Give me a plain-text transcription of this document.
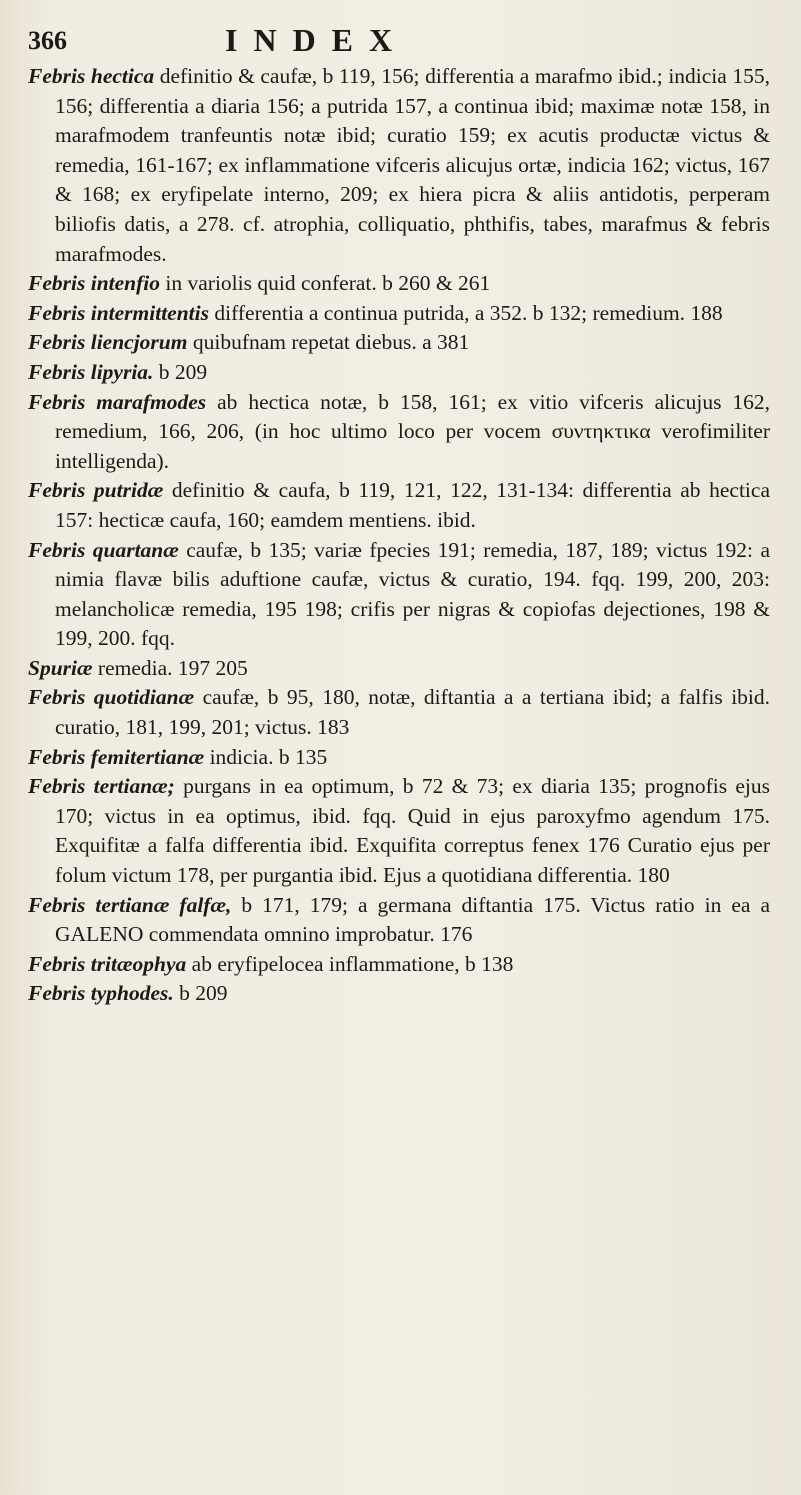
366	INDEX

Febris hectica definitio & caufæ, b 119, 156; differentia a marafmo ibid.; indicia 155, 156; differentia a diaria 156; a putrida 157, a continua ibid; maximæ notæ 158, in marafmodem tranfeuntis notæ ibid; curatio 159; ex acutis productæ victus & remedia, 161-167; ex inflammatione vifceris alicujus ortæ, indicia 162; victus, 167 & 168; ex eryfipelate interno, 209; ex hiera picra & aliis antidotis, perperam biliofis datis, a 278. cf. atrophia, colliquatio, phthifis, tabes, marafmus & febris marafmodes.

Febris intenfio in variolis quid conferat. b 260 & 261

Febris intermittentis differentia a continua putrida, a 352. b 132; remedium. 188

Febris liencjorum quibufnam repetat diebus. a 381

Febris lipyria. b 209

Febris marafmodes ab hectica notæ, b 158, 161; ex vitio vifceris alicujus 162, remedium, 166, 206, (in hoc ultimo loco per vocem συντηκτικα verofimiliter intelligenda).

Febris putridæ definitio & caufa, b 119, 121, 122, 131-134: differentia ab hectica 157: hecticæ caufa, 160; eamdem mentiens. ibid.

Febris quartanæ caufæ, b 135; variæ fpecies 191; remedia, 187, 189; victus 192: a nimia flavæ bilis aduftione caufæ, victus & curatio, 194. fqq. 199, 200, 203: melancholicæ remedia, 195 198; crifis per nigras & copiofas dejectiones, 198 & 199, 200. fqq.

Spuriæ remedia. 197 205

Febris quotidianæ caufæ, b 95, 180, notæ, diftantia a a tertiana ibid; a falfis ibid. curatio, 181, 199, 201; victus. 183

Febris femitertianæ indicia. b 135

Febris tertianæ; purgans in ea optimum, b 72 & 73; ex diaria 135; prognofis ejus 170; victus in ea optimus, ibid. fqq. Quid in ejus paroxyfmo agendum 175. Exquifitæ a falfa differentia ibid. Exquifita correptus fenex 176 Curatio ejus per folum victum 178, per purgantia ibid. Ejus a quotidiana differentia. 180

Febris tertianæ falfæ, b 171, 179; a germana diftantia 175. Victus ratio in ea a GALENO commendata omnino improbatur. 176

Febris tritæophya ab eryfipelocea inflammatione, b 138

Febris typhodes. b 209
